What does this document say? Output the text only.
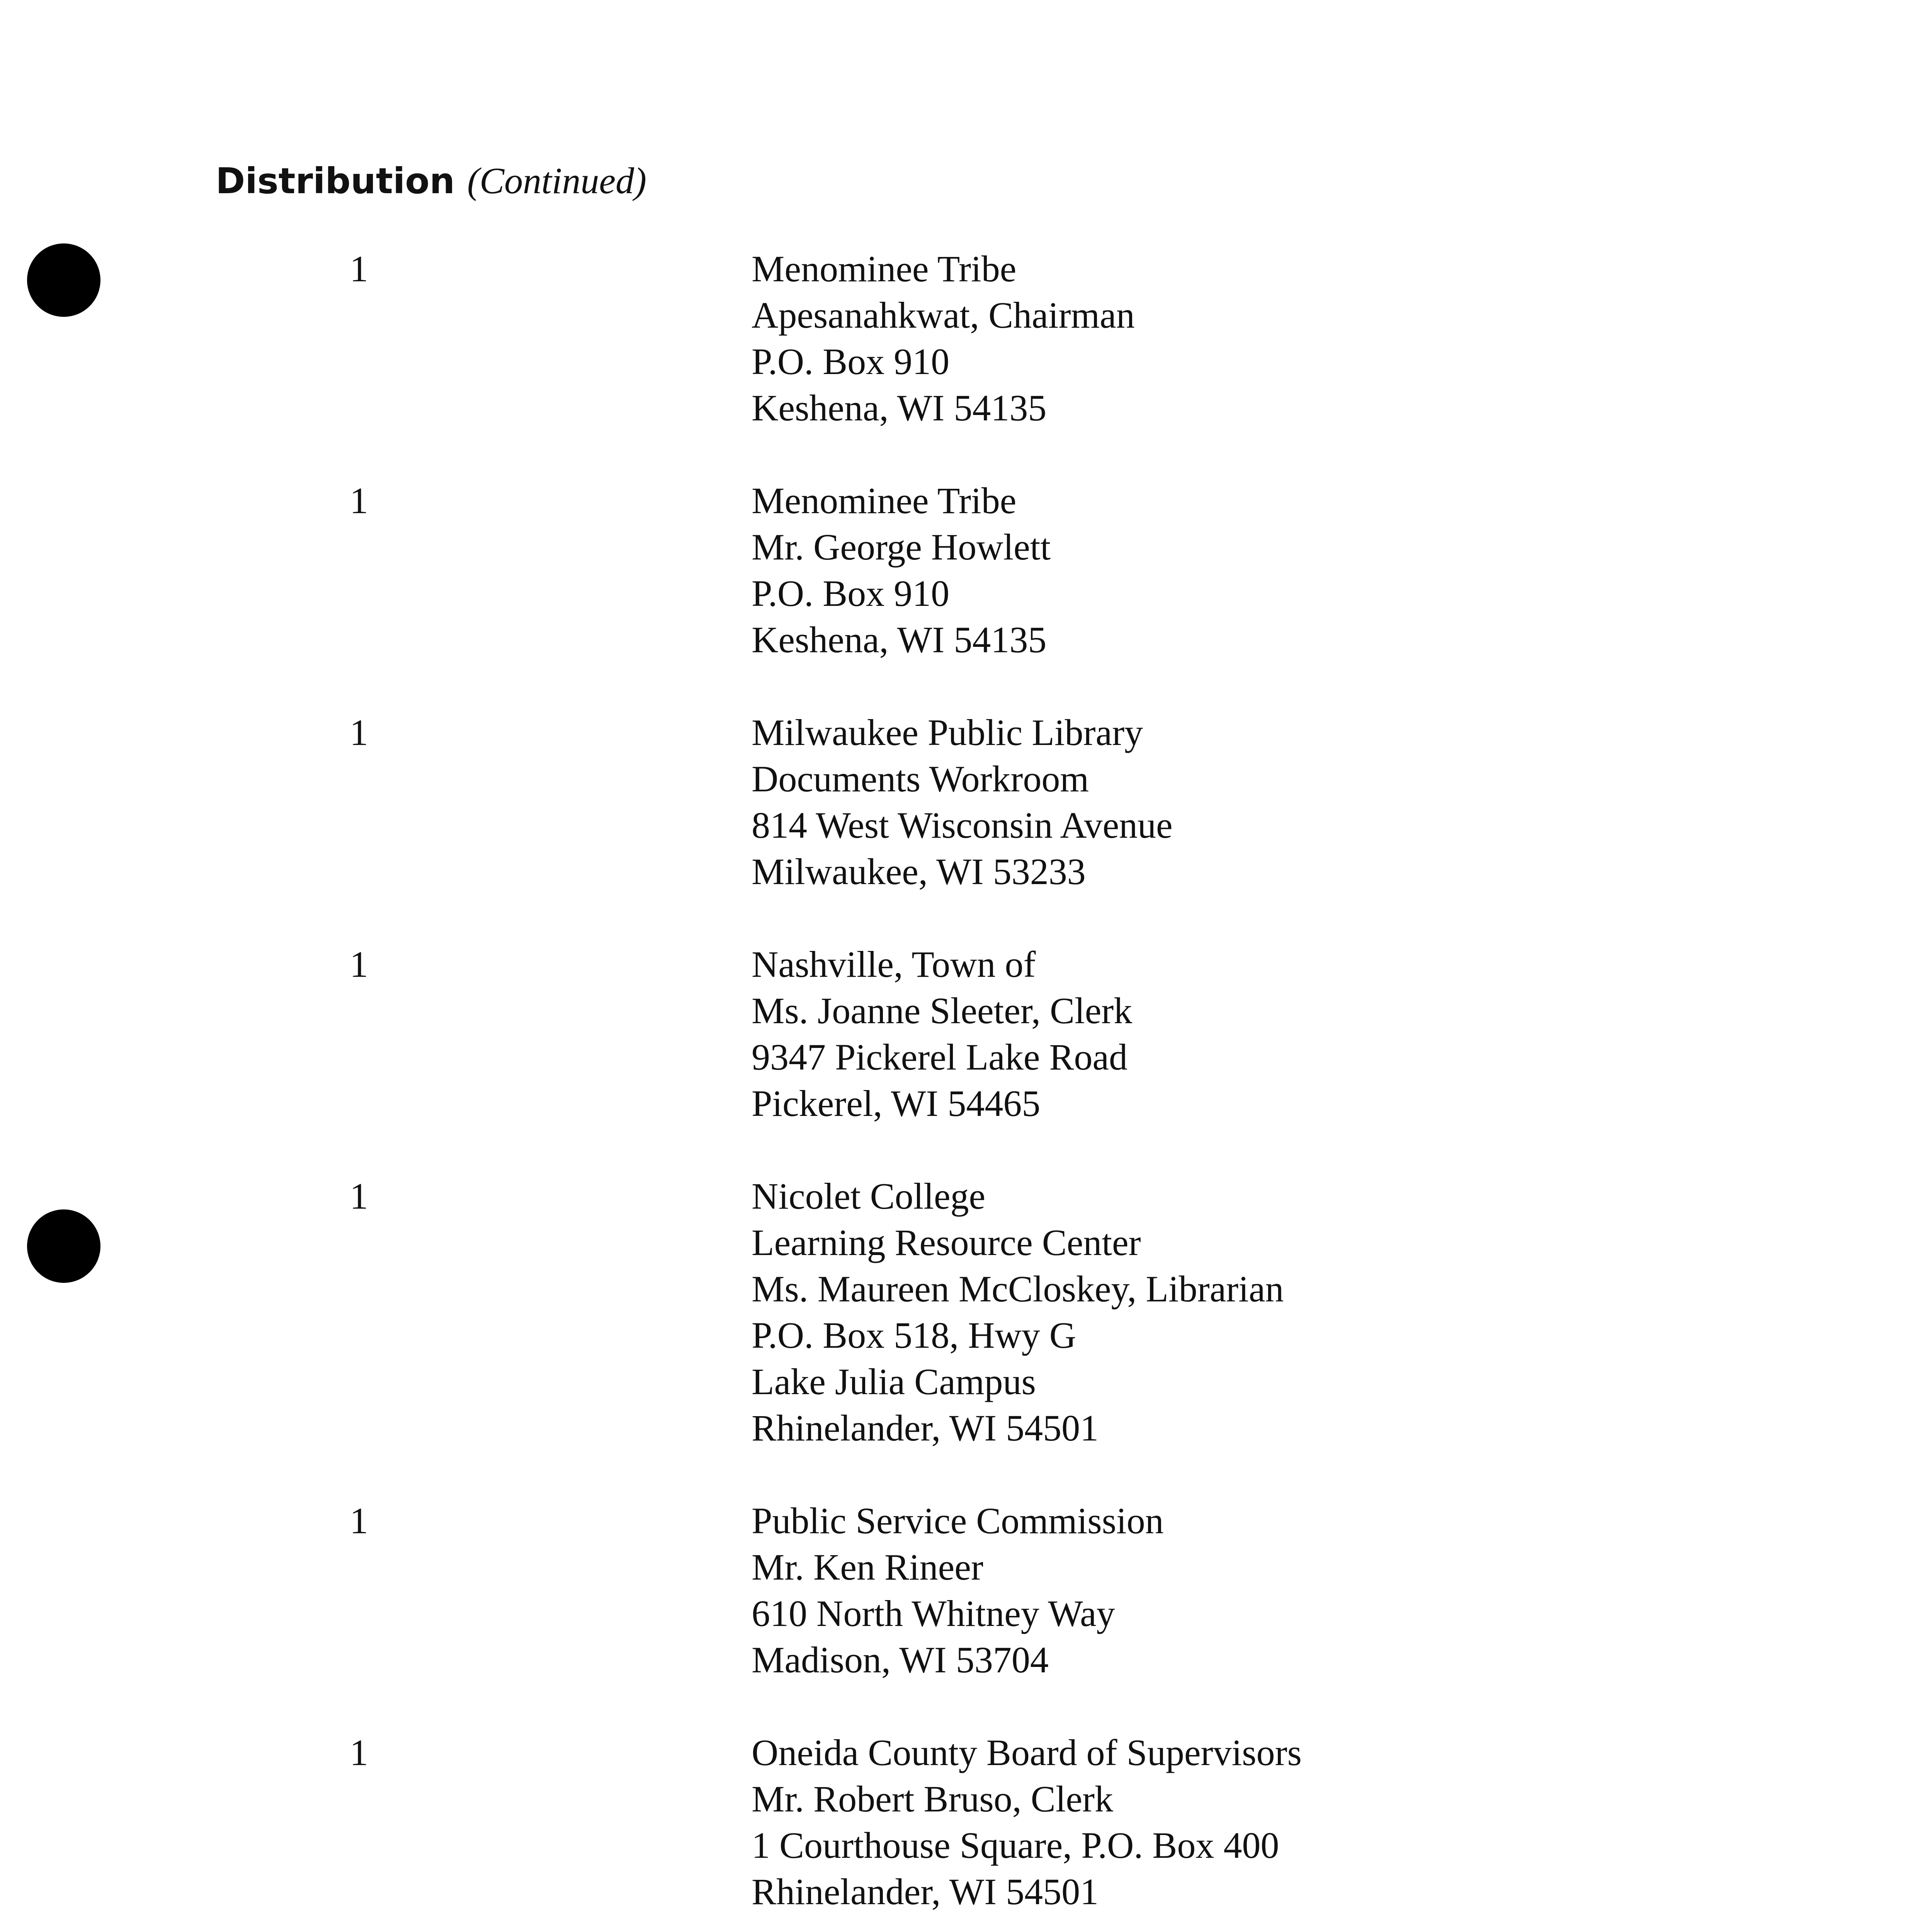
Distribution (Continued)
1	Menominee Tribe
Apesanahkwat, Chairman
P.O. Box 910
Keshena, WI 54135
1	Menominee Tribe
Mr. George Howlett
P.O. Box 910
Keshena, WI 54135
1	Milwaukee Public Library
Documents Workroom
814 West Wisconsin Avenue
Milwaukee, WI 53233
1	Nashville, Town of
Ms. Joanne Sleeter, Clerk
9347 Pickerel Lake Road
Pickerel, WI 54465
1	Nicolet College
Learning Resource Center
Ms. Maureen McCloskey, Librarian
P.O. Box 518, Hwy G
Lake Julia Campus
Rhinelander, WI 54501
1	Public Service Commission
Mr. Ken Rineer
610 North Whitney Way
Madison, WI 53704
1	Oneida County Board of Supervisors
Mr. Robert Bruso, Clerk
1 Courthouse Square, P.O. Box 400
Rhinelander, WI 54501
